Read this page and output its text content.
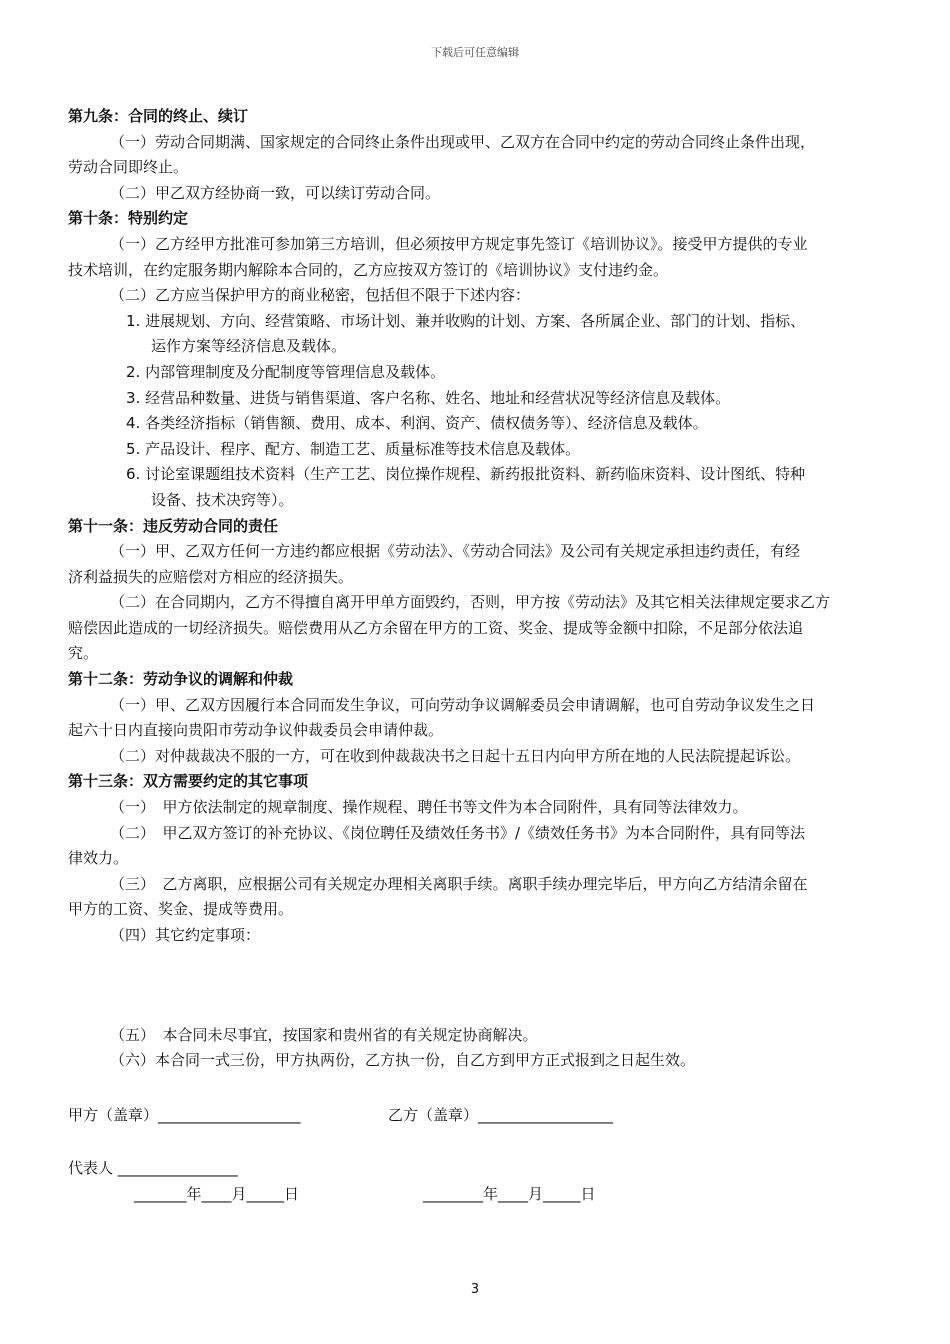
下载后可任意编辑
第九条：合同的终止、续订
（一）劳动合同期满、国家规定的合同终止条件出现或甲、乙双方在合同中约定的劳动合同终止条件出现，
劳动合同即终止。
（二）甲乙双方经协商一致，可以续订劳动合同。
第十条：特别约定
（一）乙方经甲方批准可参加第三方培训，但必须按甲方规定事先签订《培训协议》。接受甲方提供的专业
技术培训，在约定服务期内解除本合同的，乙方应按双方签订的《培训协议》支付违约金。
（二）乙方应当保护甲方的商业秘密，包括但不限于下述内容：
1. 进展规划、方向、经营策略、市场计划、兼并收购的计划、方案、各所属企业、部门的计划、指标、
运作方案等经济信息及载体。
2. 内部管理制度及分配制度等管理信息及载体。
3. 经营品种数量、进货与销售渠道、客户名称、姓名、地址和经营状况等经济信息及载体。
4. 各类经济指标（销售额、费用、成本、利润、资产、债权债务等）、经济信息及载体。
5. 产品设计、程序、配方、制造工艺、质量标准等技术信息及载体。
6. 讨论室课题组技术资料（生产工艺、岗位操作规程、新药报批资料、新药临床资料、设计图纸、特种
设备、技术决窍等）。
第十一条：违反劳动合同的责任
（一）甲、乙双方任何一方违约都应根据《劳动法》、《劳动合同法》及公司有关规定承担违约责任，有经
济利益损失的应赔偿对方相应的经济损失。
（二）在合同期内，乙方不得擅自离开甲单方面毁约，否则，甲方按《劳动法》及其它相关法律规定要求乙方
赔偿因此造成的一切经济损失。赔偿费用从乙方余留在甲方的工资、奖金、提成等金额中扣除，不足部分依法追
究。
第十二条：劳动争议的调解和仲裁
（一）甲、乙双方因履行本合同而发生争议，可向劳动争议调解委员会申请调解，也可自劳动争议发生之日
起六十日内直接向贵阳市劳动争议仲裁委员会申请仲裁。
（二）对仲裁裁决不服的一方，可在收到仲裁裁决书之日起十五日内向甲方所在地的人民法院提起诉讼。
第十三条：双方需要约定的其它事项
（一）　甲方依法制定的规章制度、操作规程、聘任书等文件为本合同附件，具有同等法律效力。
（二）　甲乙双方签订的补充协议、《岗位聘任及绩效任务书》/《绩效任务书》为本合同附件，具有同等法
律效力。
（三）　乙方离职，应根据公司有关规定办理相关离职手续。离职手续办理完毕后，甲方向乙方结清余留在
甲方的工资、奖金、提成等费用。
（四）其它约定事项：
（五）　本合同未尽事宜，按国家和贵州省的有关规定协商解决。
（六）本合同一式三份，甲方执两份，乙方执一份，自乙方到甲方正式报到之日起生效。
甲方（盖章）___________________	乙方（盖章）__________________
代表人 ________________
_______年____月_____日	________年____月_____日
3
